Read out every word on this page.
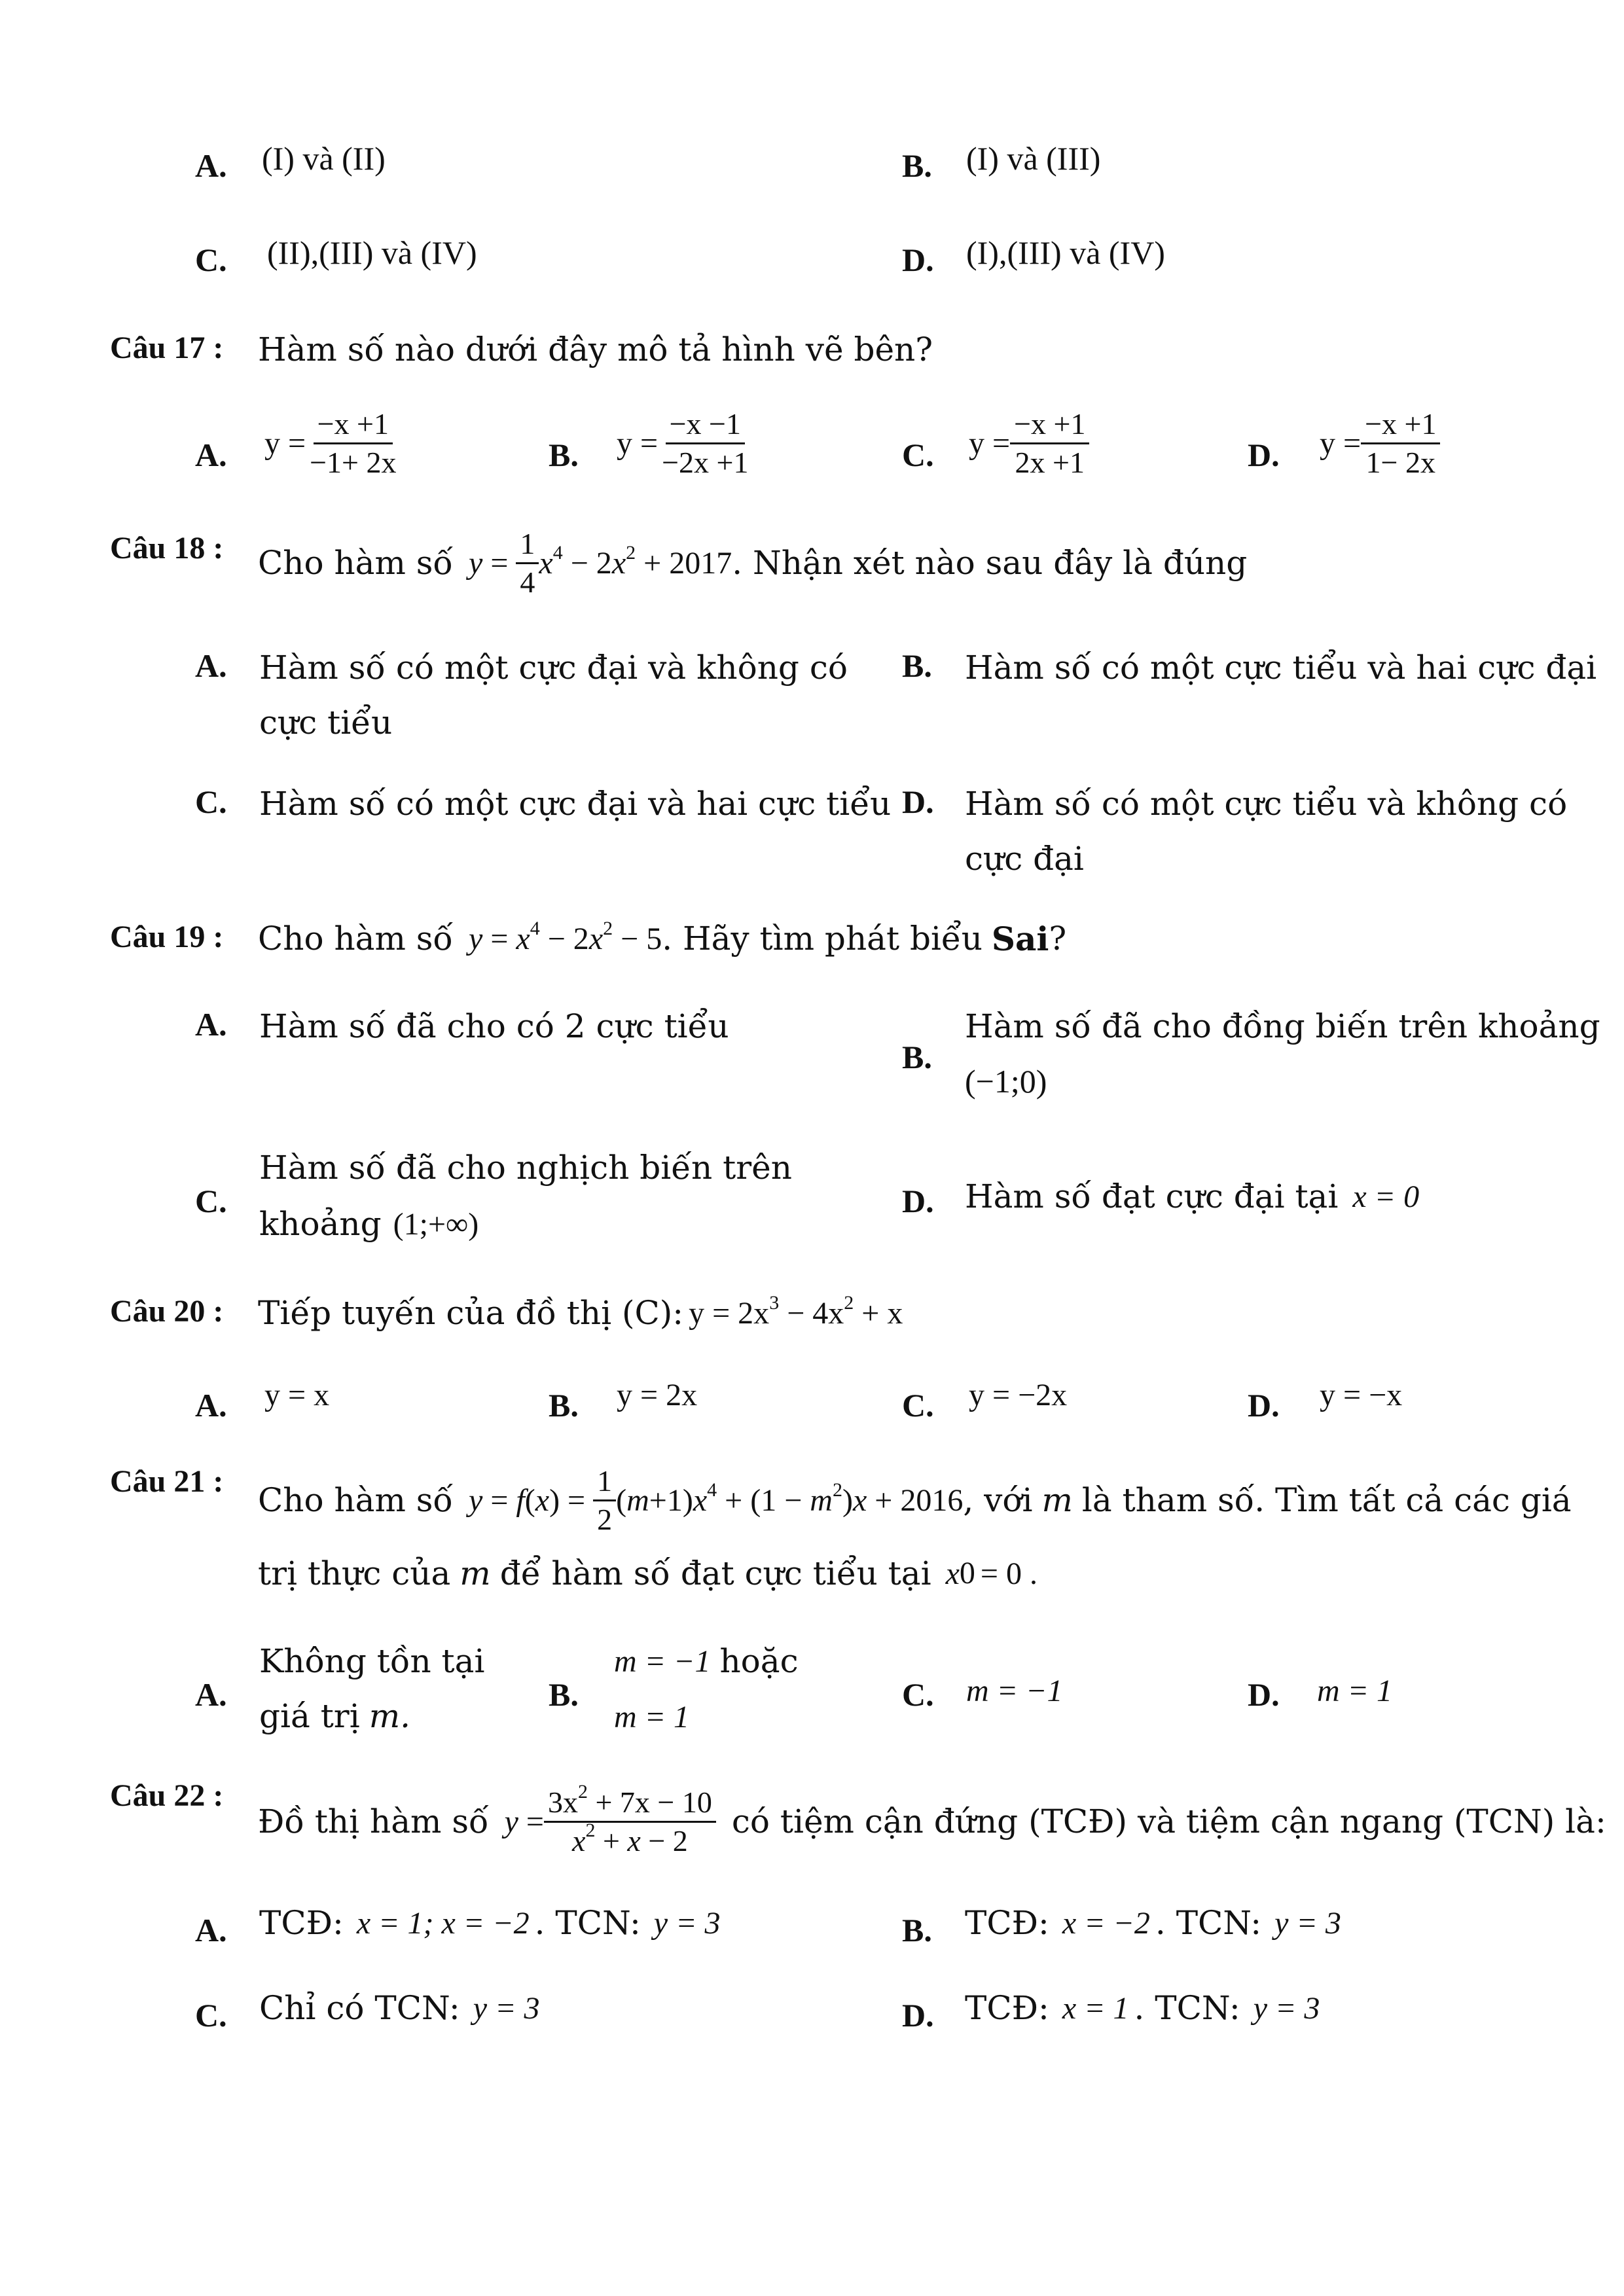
A. (I) và (II)	B. (I) và (III)
C. (II),(III) và (IV)	D. (I),(III) và (IV)
Câu 17 : Hàm số nào dưới đây mô tả hình vẽ bên?
A. $y = \frac{-x +1}{-1+ 2x}$	B. $y = \frac{-x -1}{-2x +1}$	C. $y = \frac{-x +1}{2x +1}$	D. $y = \frac{-x +1}{1- 2x}$
Câu 18 : Cho hàm số $y = \frac{1}{4} x^4 - 2x^2 + 2017$ . Nhận xét nào sau đây là đúng
A. Hàm số có một cực đại và không có
cực tiểu
B. Hàm số có một cực tiểu và hai cực đại
C. Hàm số có một cực đại và hai cực tiểu D. Hàm số có một cực tiểu và không có
cực đại
Câu 19 : Cho hàm số $y = x^4 - 2x^2 - 5$ . Hãy tìm phát biểu Sai ?
A. Hàm số đã cho có 2 cực tiểu
B.
Hàm số đã cho đồng biến trên khoảng
(−1;0)
C.
Hàm số đã cho nghịch biến trên
khoảng (1;+∞)
D. Hàm số đạt cực đại tại x = 0
Câu 20 : Tiếp tuyến của đồ thị (C): $y = 2x^3 - 4x^2 + x$
A. y = x	B. y = 2x	C. y = −2x	D. y = −x
Câu 21 : Cho hàm số $y = f(x) = \frac{1}{2} (m+1)x^4 + (1 - m^2)x + 2016$ , với m là tham số. Tìm tất cả các giá
trị thực của m để hàm số đạt cực tiểu tại x 0 = 0 .
A.
Không tồn tại
giá trị m.
B.
m = −1 hoặc
m = 1
C. m = −1	D. m = 1
Câu 22 :
Đồ thị hàm số $y = \frac{3x^2 + 7x - 10}{x^2 + x - 2}$ có tiệm cận đứng (TCĐ) và tiệm cận ngang (TCN) là:
A. TCĐ: x = 1; x = −2 . TCN: y = 3	B. TCĐ: x = −2 . TCN: y = 3
C. Chỉ có TCN: y = 3	D. TCĐ: x = 1 . TCN: y = 3
